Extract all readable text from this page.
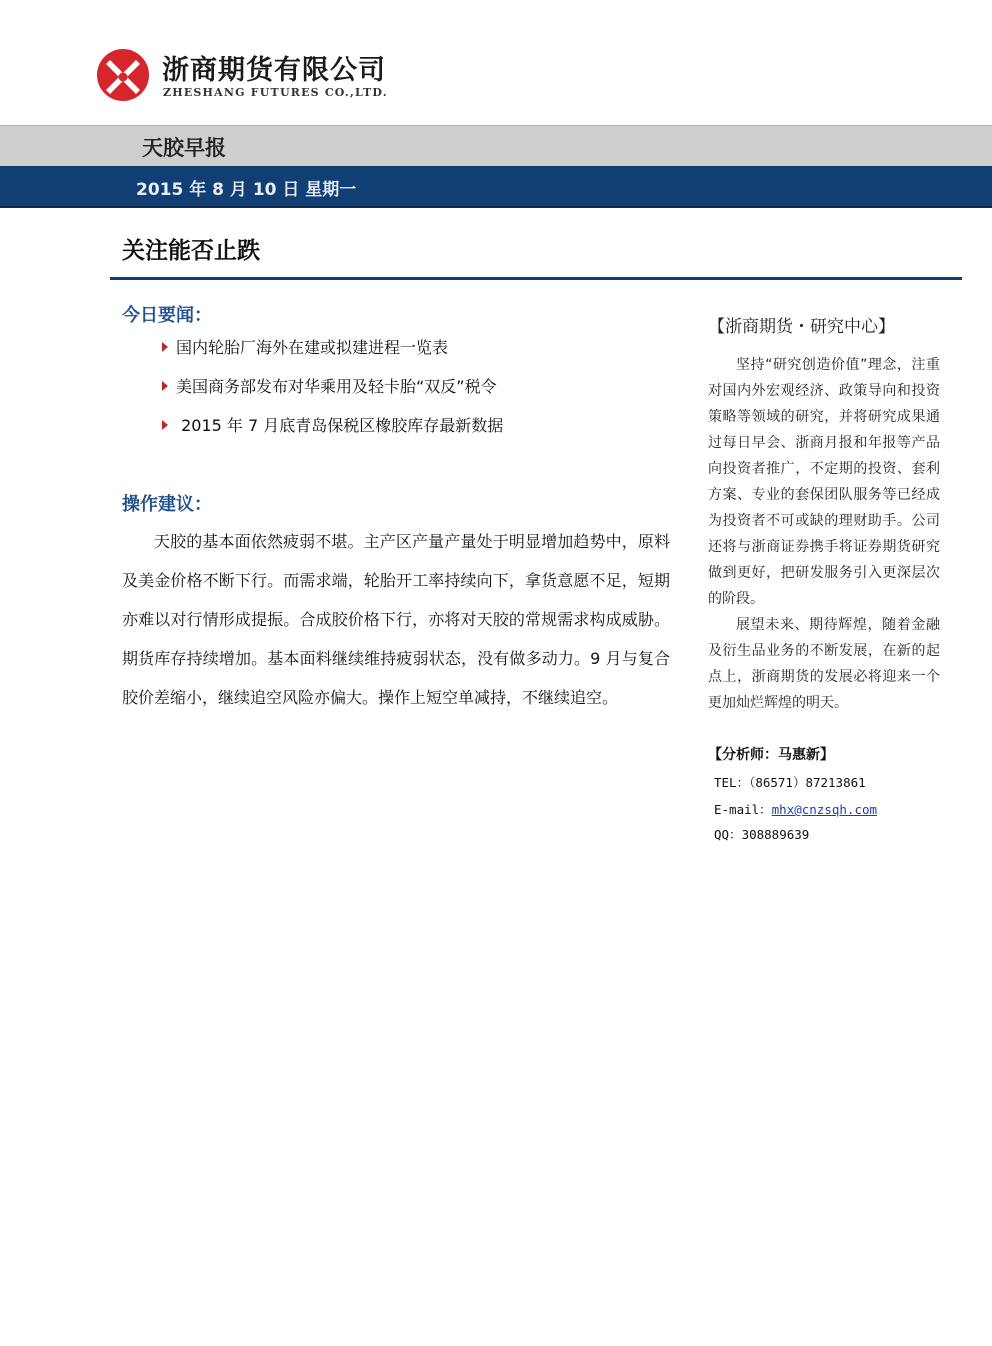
浙商期货有限公司
ZHESHANG FUTURES CO.,LTD.
天胶早报
2015 年 8 月 10 日 星期一
关注能否止跌
今日要闻：
国内轮胎厂海外在建或拟建进程一览表
美国商务部发布对华乘用及轻卡胎“双反”税令
2015 年 7 月底青岛保税区橡胶库存最新数据
操作建议：
天胶的基本面依然疲弱不堪。主产区产量产量处于明显增加趋势中，原料及美金价格不断下行。而需求端，轮胎开工率持续向下，拿货意愿不足，短期亦难以对行情形成提振。合成胶价格下行，亦将对天胶的常规需求构成威胁。期货库存持续增加。基本面料继续维持疲弱状态，没有做多动力。9 月与复合胶价差缩小，继续追空风险亦偏大。操作上短空单减持，不继续追空。
【浙商期货・研究中心】
坚持“研究创造价值”理念，注重对国内外宏观经济、政策导向和投资策略等领域的研究，并将研究成果通过每日早会、浙商月报和年报等产品向投资者推广，不定期的投资、套利方案、专业的套保团队服务等已经成为投资者不可或缺的理财助手。公司还将与浙商证券携手将证券期货研究做到更好，把研发服务引入更深层次的阶段。
展望未来、期待辉煌，随着金融及衍生品业务的不断发展，在新的起点上，浙商期货的发展必将迎来一个更加灿烂辉煌的明天。
【分析师：马惠新】
TEL：（86571）87213861
E-mail：mhx@cnzsqh.com
QQ：308889639
